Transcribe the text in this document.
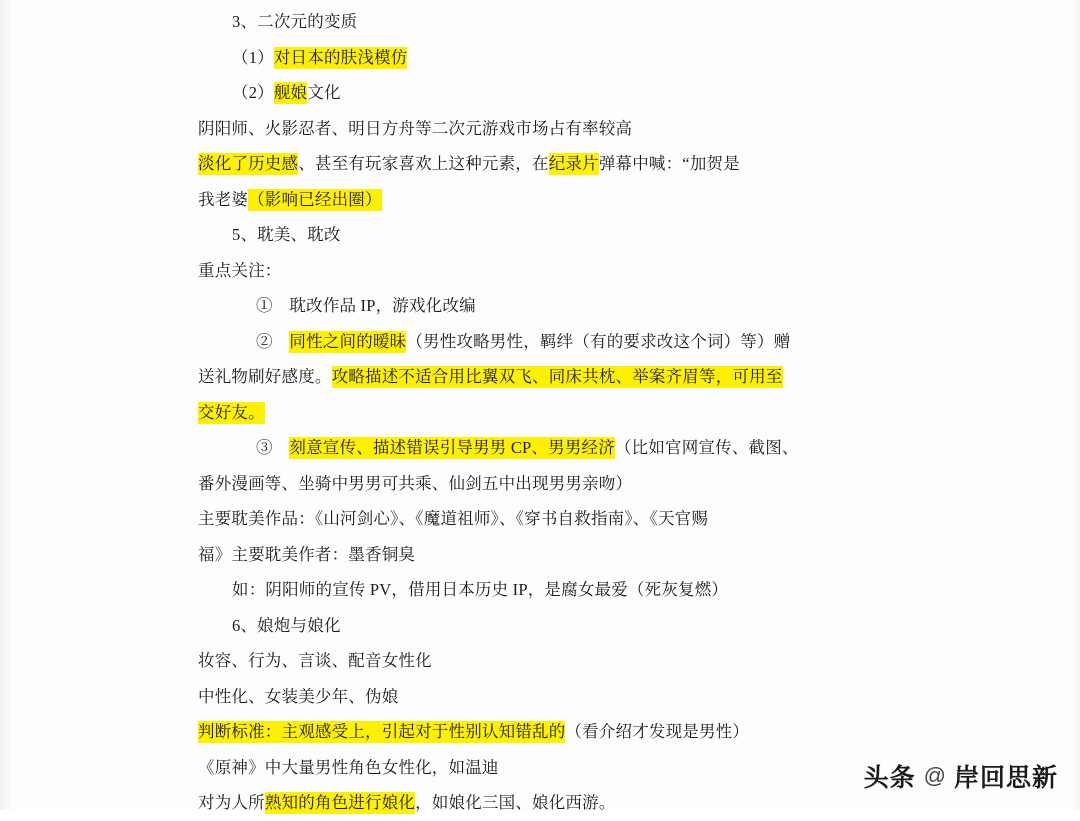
3、二次元的变质
（1）对日本的肤浅模仿
（2）舰娘文化
阴阳师、火影忍者、明日方舟等二次元游戏市场占有率较高
淡化了历史感、甚至有玩家喜欢上这种元素，在纪录片弹幕中喊：“加贺是
我老婆（影响已经出圈）
5、耽美、耽改
重点关注：
①　耽改作品 IP，游戏化改编
②　同性之间的暧昧（男性攻略男性，羁绊（有的要求改这个词）等）赠
送礼物刷好感度。攻略描述不适合用比翼双飞、同床共枕、举案齐眉等，可用至
交好友。
③　刻意宣传、描述错误引导男男 CP、男男经济（比如官网宣传、截图、
番外漫画等、坐骑中男男可共乘、仙剑五中出现男男亲吻）
主要耽美作品：《山河剑心》、《魔道祖师》、《穿书自救指南》、《天官赐
福》主要耽美作者：墨香铜臭
如：阴阳师的宣传 PV，借用日本历史 IP，是腐女最爱（死灰复燃）
6、娘炮与娘化
妆容、行为、言谈、配音女性化
中性化、女装美少年、伪娘
判断标准：主观感受上，引起对于性别认知错乱的（看介绍才发现是男性）
《原神》中大量男性角色女性化，如温迪
对为人所熟知的角色进行娘化，如娘化三国、娘化西游。
头条 @ 岸回思新
